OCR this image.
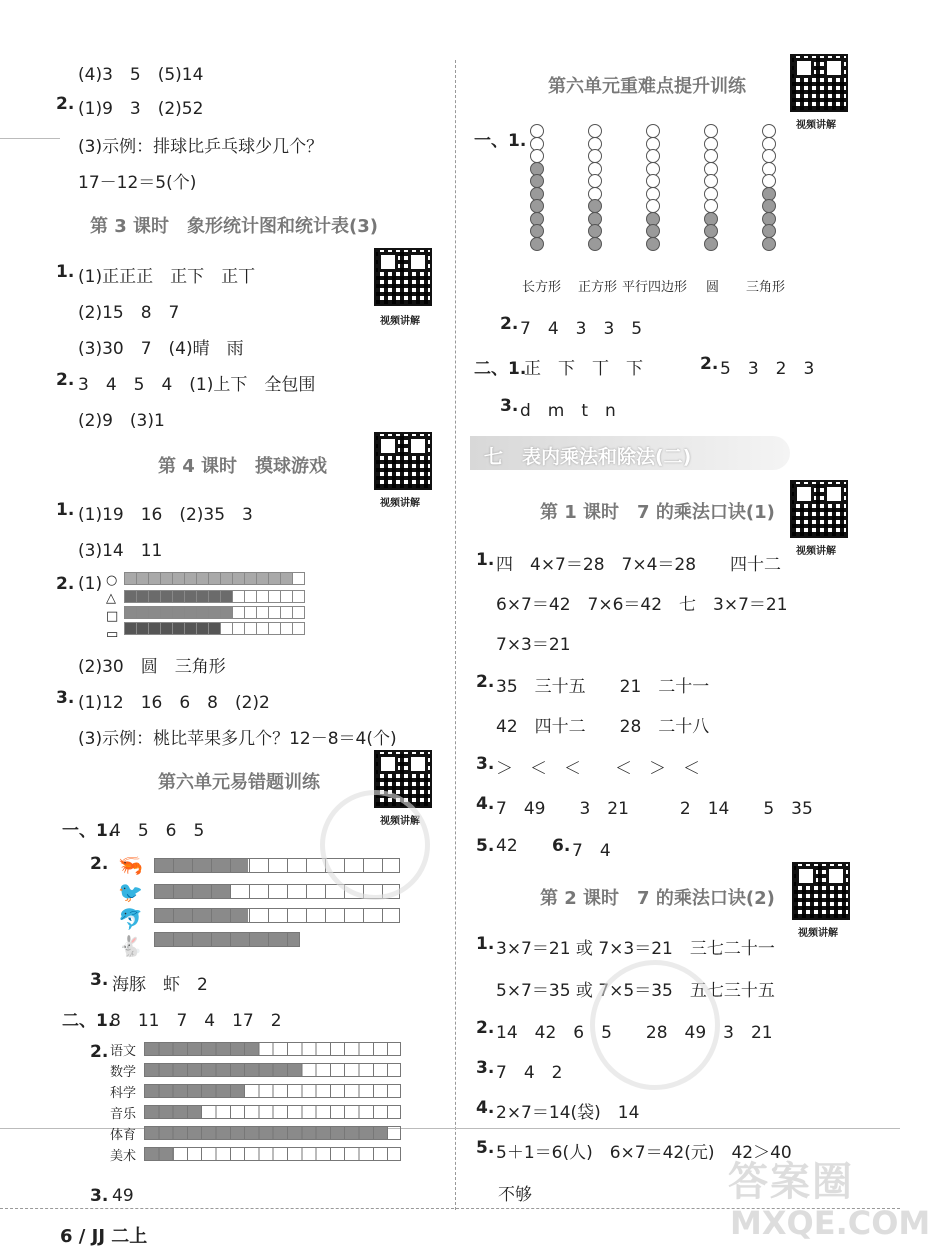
(4)3　5　(5)14
2. (1)9　3　(2)52
(3)示例：排球比乒乓球少几个？
17－12＝5(个)
第 3 课时　象形统计图和统计表(3)
视频讲解
1. (1)正正正　正下　正丅
(2)15　8　7
(3)30　7　(4)晴　雨
2. 3　4　5　4　(1)上下　全包围
(2)9　(3)1
第 4 课时　摸球游戏
视频讲解
1. (1)19　16　(2)35　3
(3)14　11
2. (1) ○
△
□
▭
(2)30　圆　三角形
3. (1)12　16　6　8　(2)2
(3)示例：桃比苹果多几个？12－8＝4(个)
第六单元易错题训练
视频讲解
一、1.
4　5　6　5
2. 🦐
🐦
🐬
🐇
3. 海豚　虾　2
二、1.
8　11　7　4　17　2
2. 语文
数学
科学
音乐
体育
美术
3. 49
第六单元重难点提升训练
视频讲解
一、1.
长方形 正方形 平行四边形 圆 三角形
2. 7　4　3　3　5
二、1.
正　下　丅　下	2. 5　3　2　3
3. d　m　t　n
七　表内乘法和除法(二)
第 1 课时　7 的乘法口诀(1)
视频讲解
1. 四　4×7＝28　7×4＝28　　四十二
6×7＝42　7×6＝42　七　3×7＝21
7×3＝21
2. 35　三十五　　21　二十一
42　四十二　　28　二十八
3. ＞　＜　＜　　＜　＞　＜
4. 7　49　　3　21　　　2　14　　5　35
5. 42 6. 7　4
第 2 课时　7 的乘法口诀(2)
视频讲解
1. 3×7＝21 或 7×3＝21　三七二十一
5×7＝35 或 7×5＝35　五七三十五
2. 14　42　6　5　　28　49　3　21
3. 7　4　2
4. 2×7＝14(袋)　14
5. 5＋1＝6(人)　6×7＝42(元)　42＞40
不够	答案圈
MXQE.COM
6 / JJ 二上
